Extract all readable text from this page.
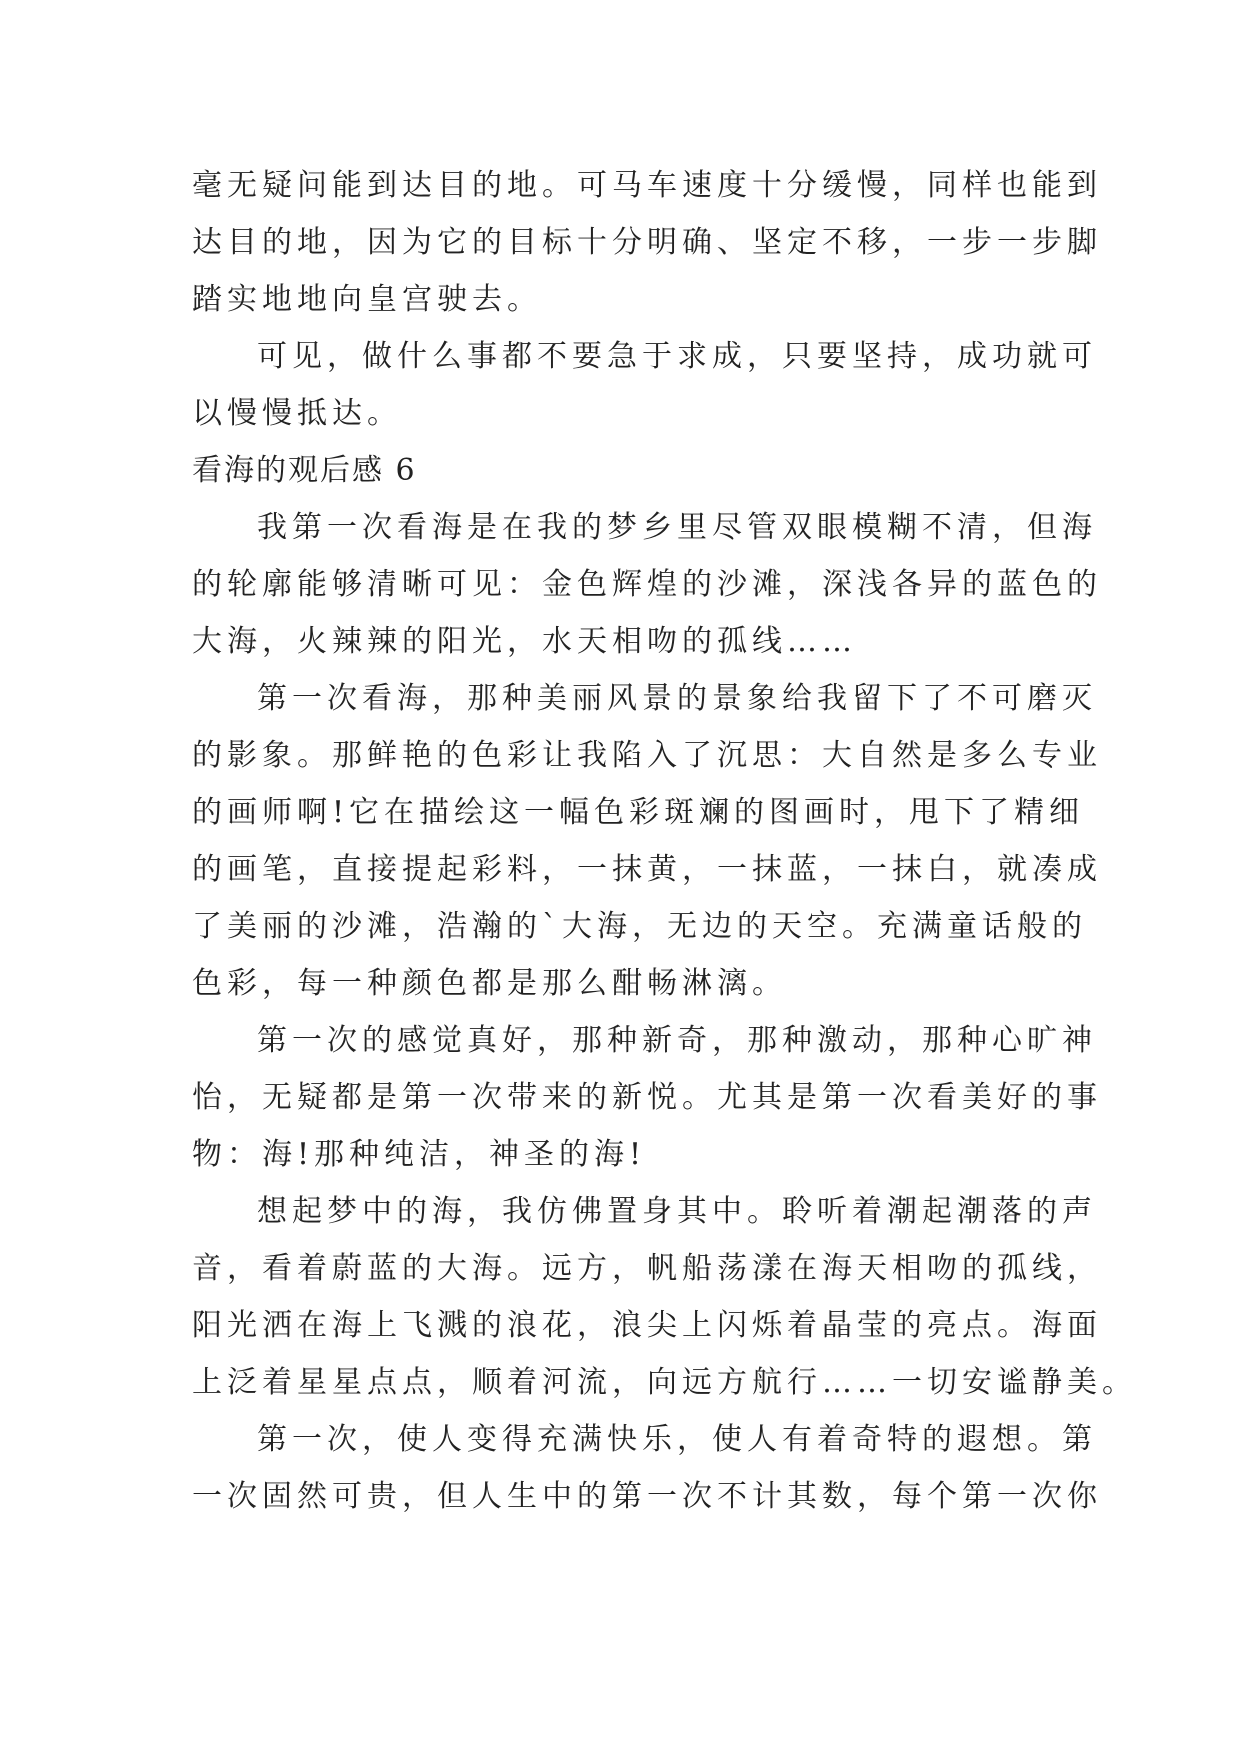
毫无疑问能到达目的地。可马车速度十分缓慢，同样也能到
达目的地，因为它的目标十分明确、坚定不移，一步一步脚
踏实地地向皇宫驶去。
可见，做什么事都不要急于求成，只要坚持，成功就可
以慢慢抵达。
看海的观后感 6
我第一次看海是在我的梦乡里尽管双眼模糊不清，但海
的轮廓能够清晰可见：金色辉煌的沙滩，深浅各异的蓝色的
大海，火辣辣的阳光，水天相吻的孤线……
第一次看海，那种美丽风景的景象给我留下了不可磨灭
的影象。那鲜艳的色彩让我陷入了沉思：大自然是多么专业
的画师啊!它在描绘这一幅色彩斑斓的图画时，甩下了精细
的画笔，直接提起彩料，一抹黄，一抹蓝，一抹白，就凑成
了美丽的沙滩，浩瀚的`大海，无边的天空。充满童话般的
色彩，每一种颜色都是那么酣畅淋漓。
第一次的感觉真好，那种新奇，那种激动，那种心旷神
怡，无疑都是第一次带来的新悦。尤其是第一次看美好的事
物：海!那种纯洁，神圣的海!
想起梦中的海，我仿佛置身其中。聆听着潮起潮落的声
音，看着蔚蓝的大海。远方，帆船荡漾在海天相吻的孤线，
阳光洒在海上飞溅的浪花，浪尖上闪烁着晶莹的亮点。海面
上泛着星星点点，顺着河流，向远方航行……一切安谧静美。
第一次，使人变得充满快乐，使人有着奇特的遐想。第
一次固然可贵，但人生中的第一次不计其数，每个第一次你
